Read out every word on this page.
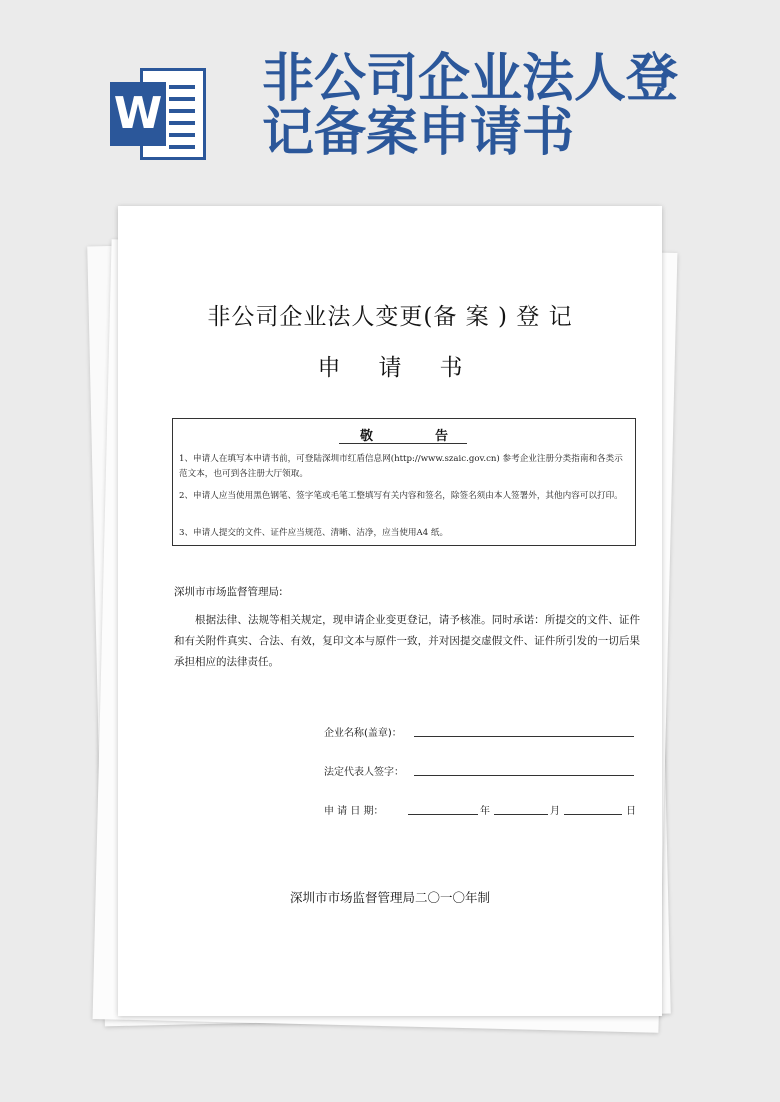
W
非公司企业法人登记备案申请书
非公司企业法人变更(备 案 ) 登 记
申请书
敬告
1、申请人在填写本申请书前，可登陆深圳市红盾信息网(http://www.szaic.gov.cn) 参考企业注册分类指南和各类示范文本，也可到各注册大厅领取。
2、申请人应当使用黑色钢笔、签字笔或毛笔工整填写有关内容和签名，除签名须由本人签署外，其他内容可以打印。
3、申请人提交的文件、证件应当规范、清晰、洁净，应当使用A4 纸。
深圳市市场监督管理局:
根据法律、法规等相关规定，现申请企业变更登记，请予核准。同时承诺：所提交的文件、证件和有关附件真实、合法、有效，复印文本与原件一致，并对因提交虚假文件、证件所引发的一切后果承担相应的法律责任。
企业名称(盖章)：
法定代表人签字：
申 请 日 期：	年	月	日
深圳市市场监督管理局二〇一〇年制
